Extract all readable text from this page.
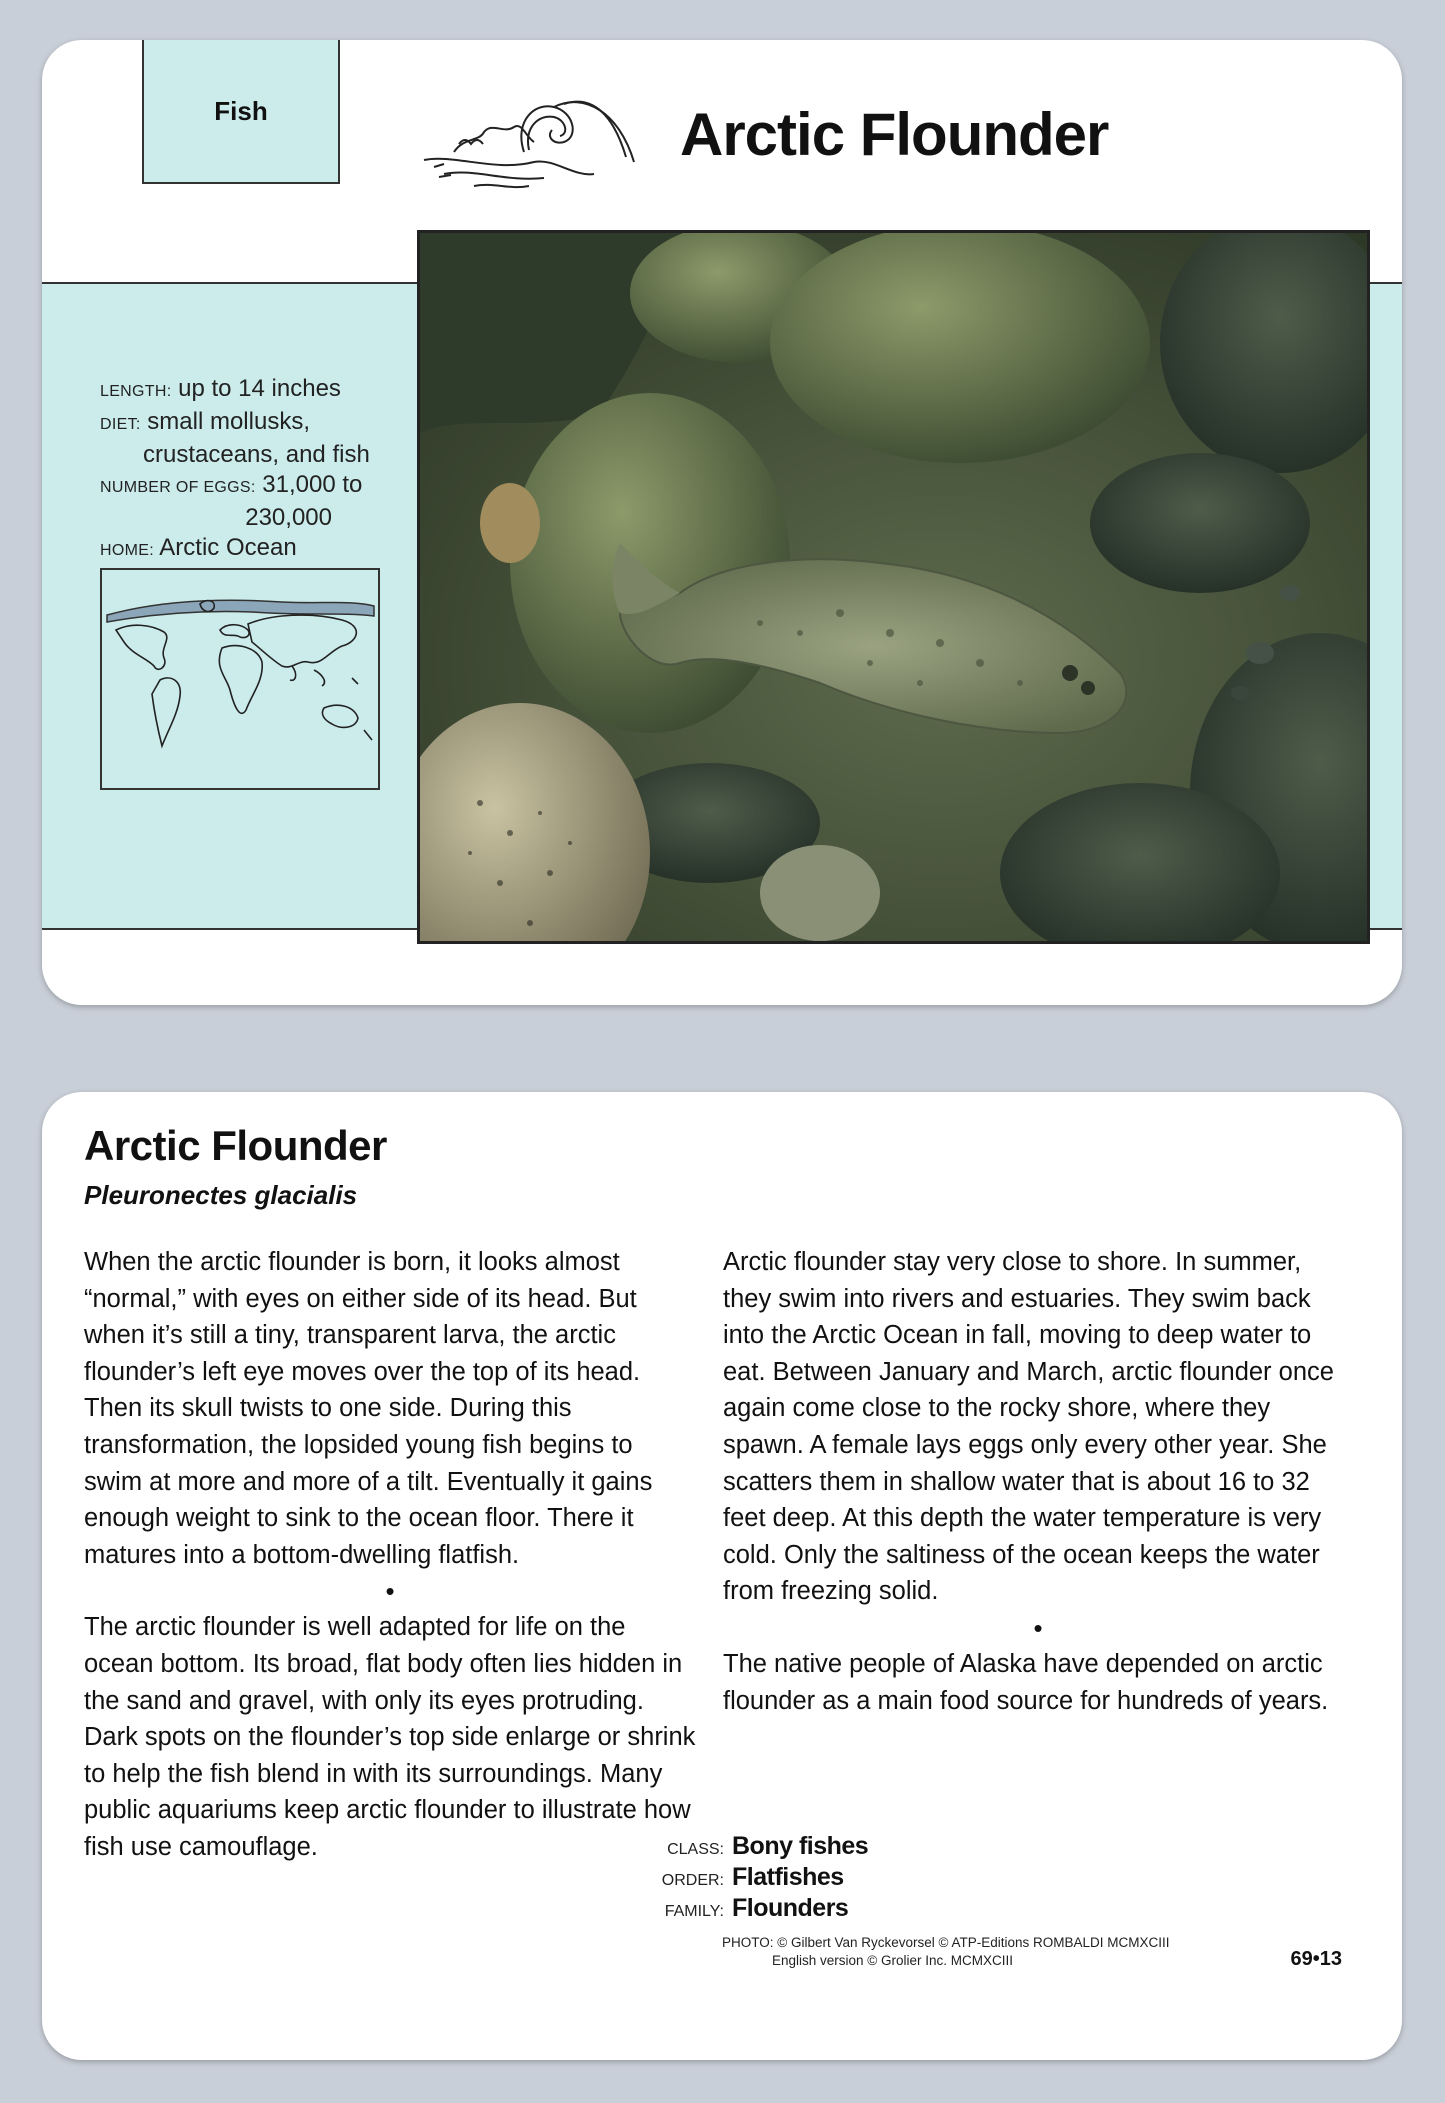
Fish	Arctic Flounder
LENGTH: up to 14 inches
DIET: small mollusks,
crustaceans, and fish
NUMBER OF EGGS: 31,000 to
230,000
HOME: Arctic Ocean
Arctic Flounder
Pleuronectes glacialis

When the arctic flounder is born, it looks almost “normal,” with eyes on either side of its head. But when it’s still a tiny, transparent larva, the arctic flounder’s left eye moves over the top of its head. Then its skull twists to one side. During this transformation, the lopsided young fish begins to swim at more and more of a tilt. Eventually it gains enough weight to sink to the ocean floor. There it matures into a bottom-dwelling flatfish.

•

The arctic flounder is well adapted for life on the ocean bottom. Its broad, flat body often lies hidden in the sand and gravel, with only its eyes protruding. Dark spots on the flounder’s top side enlarge or shrink to help the fish blend in with its surroundings. Many public aquariums keep arctic flounder to illustrate how fish use camouflage.

Arctic flounder stay very close to shore. In summer, they swim into rivers and estuaries. They swim back into the Arctic Ocean in fall, moving to deep water to eat. Between January and March, arctic flounder once again come close to the rocky shore, where they spawn. A female lays eggs only every other year. She scatters them in shallow water that is about 16 to 32 feet deep. At this depth the water temperature is very cold. Only the saltiness of the ocean keeps the water from freezing solid.

•

The native people of Alaska have depended on arctic flounder as a main food source for hundreds of years.

CLASS: Bony fishes
ORDER: Flatfishes
FAMILY: Flounders
PHOTO: © Gilbert Van Ryckevorsel © ATP-Editions ROMBALDI MCMXCIII
English version © Grolier Inc. MCMXCIII	69•13
